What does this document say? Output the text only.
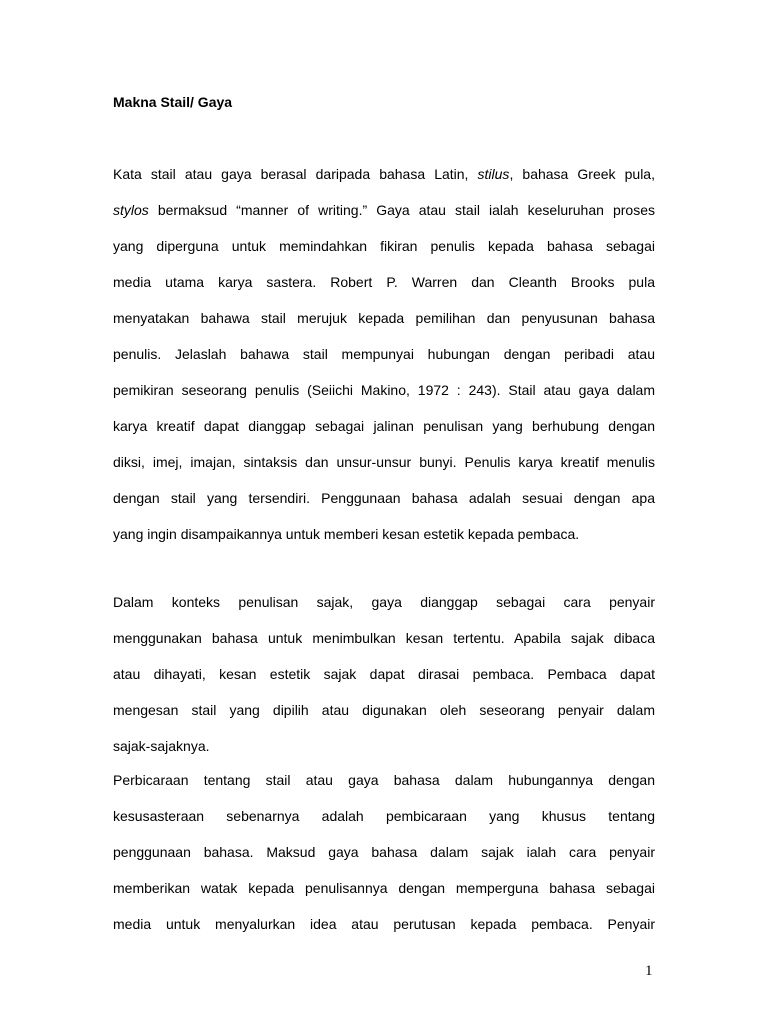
Makna Stail/ Gaya
Kata stail atau gaya berasal daripada bahasa Latin, stilus, bahasa Greek pula,
stylos bermaksud “manner of writing.” Gaya atau stail ialah keseluruhan proses
yang diperguna untuk memindahkan fikiran penulis kepada bahasa sebagai
media utama karya sastera. Robert P. Warren dan Cleanth Brooks pula
menyatakan bahawa stail merujuk kepada pemilihan dan penyusunan bahasa
penulis. Jelaslah bahawa stail mempunyai hubungan dengan peribadi atau
pemikiran seseorang penulis (Seiichi Makino, 1972 : 243). Stail atau gaya dalam
karya kreatif dapat dianggap sebagai jalinan penulisan yang berhubung dengan
diksi, imej, imajan, sintaksis dan unsur-unsur bunyi. Penulis karya kreatif menulis
dengan stail yang tersendiri. Penggunaan bahasa adalah sesuai dengan apa
yang ingin disampaikannya untuk memberi kesan estetik kepada pembaca.
Dalam konteks penulisan sajak, gaya dianggap sebagai cara penyair
menggunakan bahasa untuk menimbulkan kesan tertentu. Apabila sajak dibaca
atau dihayati, kesan estetik sajak dapat dirasai pembaca. Pembaca dapat
mengesan stail yang dipilih atau digunakan oleh seseorang penyair dalam
sajak-sajaknya.
Perbicaraan tentang stail atau gaya bahasa dalam hubungannya dengan
kesusasteraan sebenarnya adalah pembicaraan yang khusus tentang
penggunaan bahasa. Maksud gaya bahasa dalam sajak ialah cara penyair
memberikan watak kepada penulisannya dengan memperguna bahasa sebagai
media untuk menyalurkan idea atau perutusan kepada pembaca. Penyair
1
